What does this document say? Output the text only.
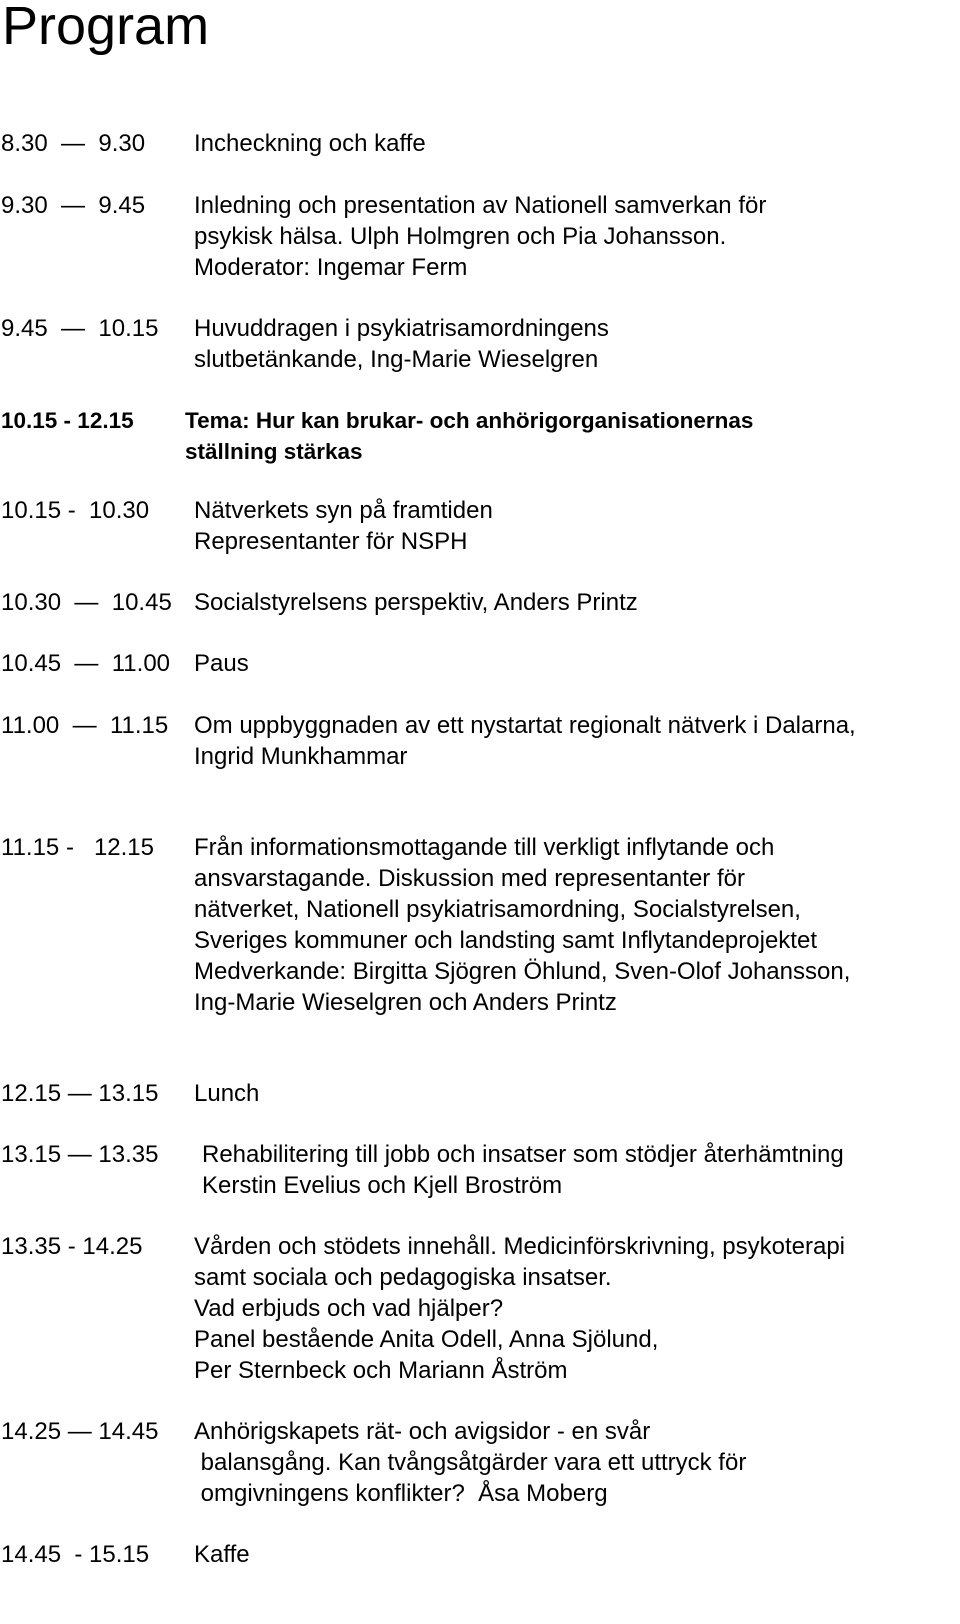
Program
8.30  —  9.30 Incheckning och kaffe
9.30  —  9.45 Inledning och presentation av Nationell samverkan för
psykisk hälsa. Ulph Holmgren och Pia Johansson.
Moderator: Ingemar Ferm
9.45  —  10.15 Huvuddragen i psykiatrisamordningens
slutbetänkande, Ing-Marie Wieselgren
10.15 - 12.15 Tema: Hur kan brukar- och anhörigorganisationernas
ställning stärkas
10.15 -  10.30 Nätverkets syn på framtiden
Representanter för NSPH
10.30  —  10.45 Socialstyrelsens perspektiv, Anders Printz
10.45  —  11.00 Paus
11.00  —  11.15 Om uppbyggnaden av ett nystartat regionalt nätverk i Dalarna,
Ingrid Munkhammar
11.15 -   12.15 Från informationsmottagande till verkligt inflytande och
ansvarstagande. Diskussion med representanter för
nätverket, Nationell psykiatrisamordning, Socialstyrelsen,
Sveriges kommuner och landsting samt Inflytandeprojektet
Medverkande: Birgitta Sjögren Öhlund, Sven-Olof Johansson,
Ing-Marie Wieselgren och Anders Printz
12.15 — 13.15 Lunch
13.15 — 13.35 Rehabilitering till jobb och insatser som stödjer återhämtning
Kerstin Evelius och Kjell Broström
13.35 - 14.25 Vården och stödets innehåll. Medicinförskrivning, psykoterapi
samt sociala och pedagogiska insatser.
Vad erbjuds och vad hjälper?
Panel bestående Anita Odell, Anna Sjölund,
Per Sternbeck och Mariann Åström
14.25 — 14.45 Anhörigskapets rät- och avigsidor - en svår
balansgång. Kan tvångsåtgärder vara ett uttryck för
omgivningens konflikter?  Åsa Moberg
14.45  - 15.15 Kaffe
